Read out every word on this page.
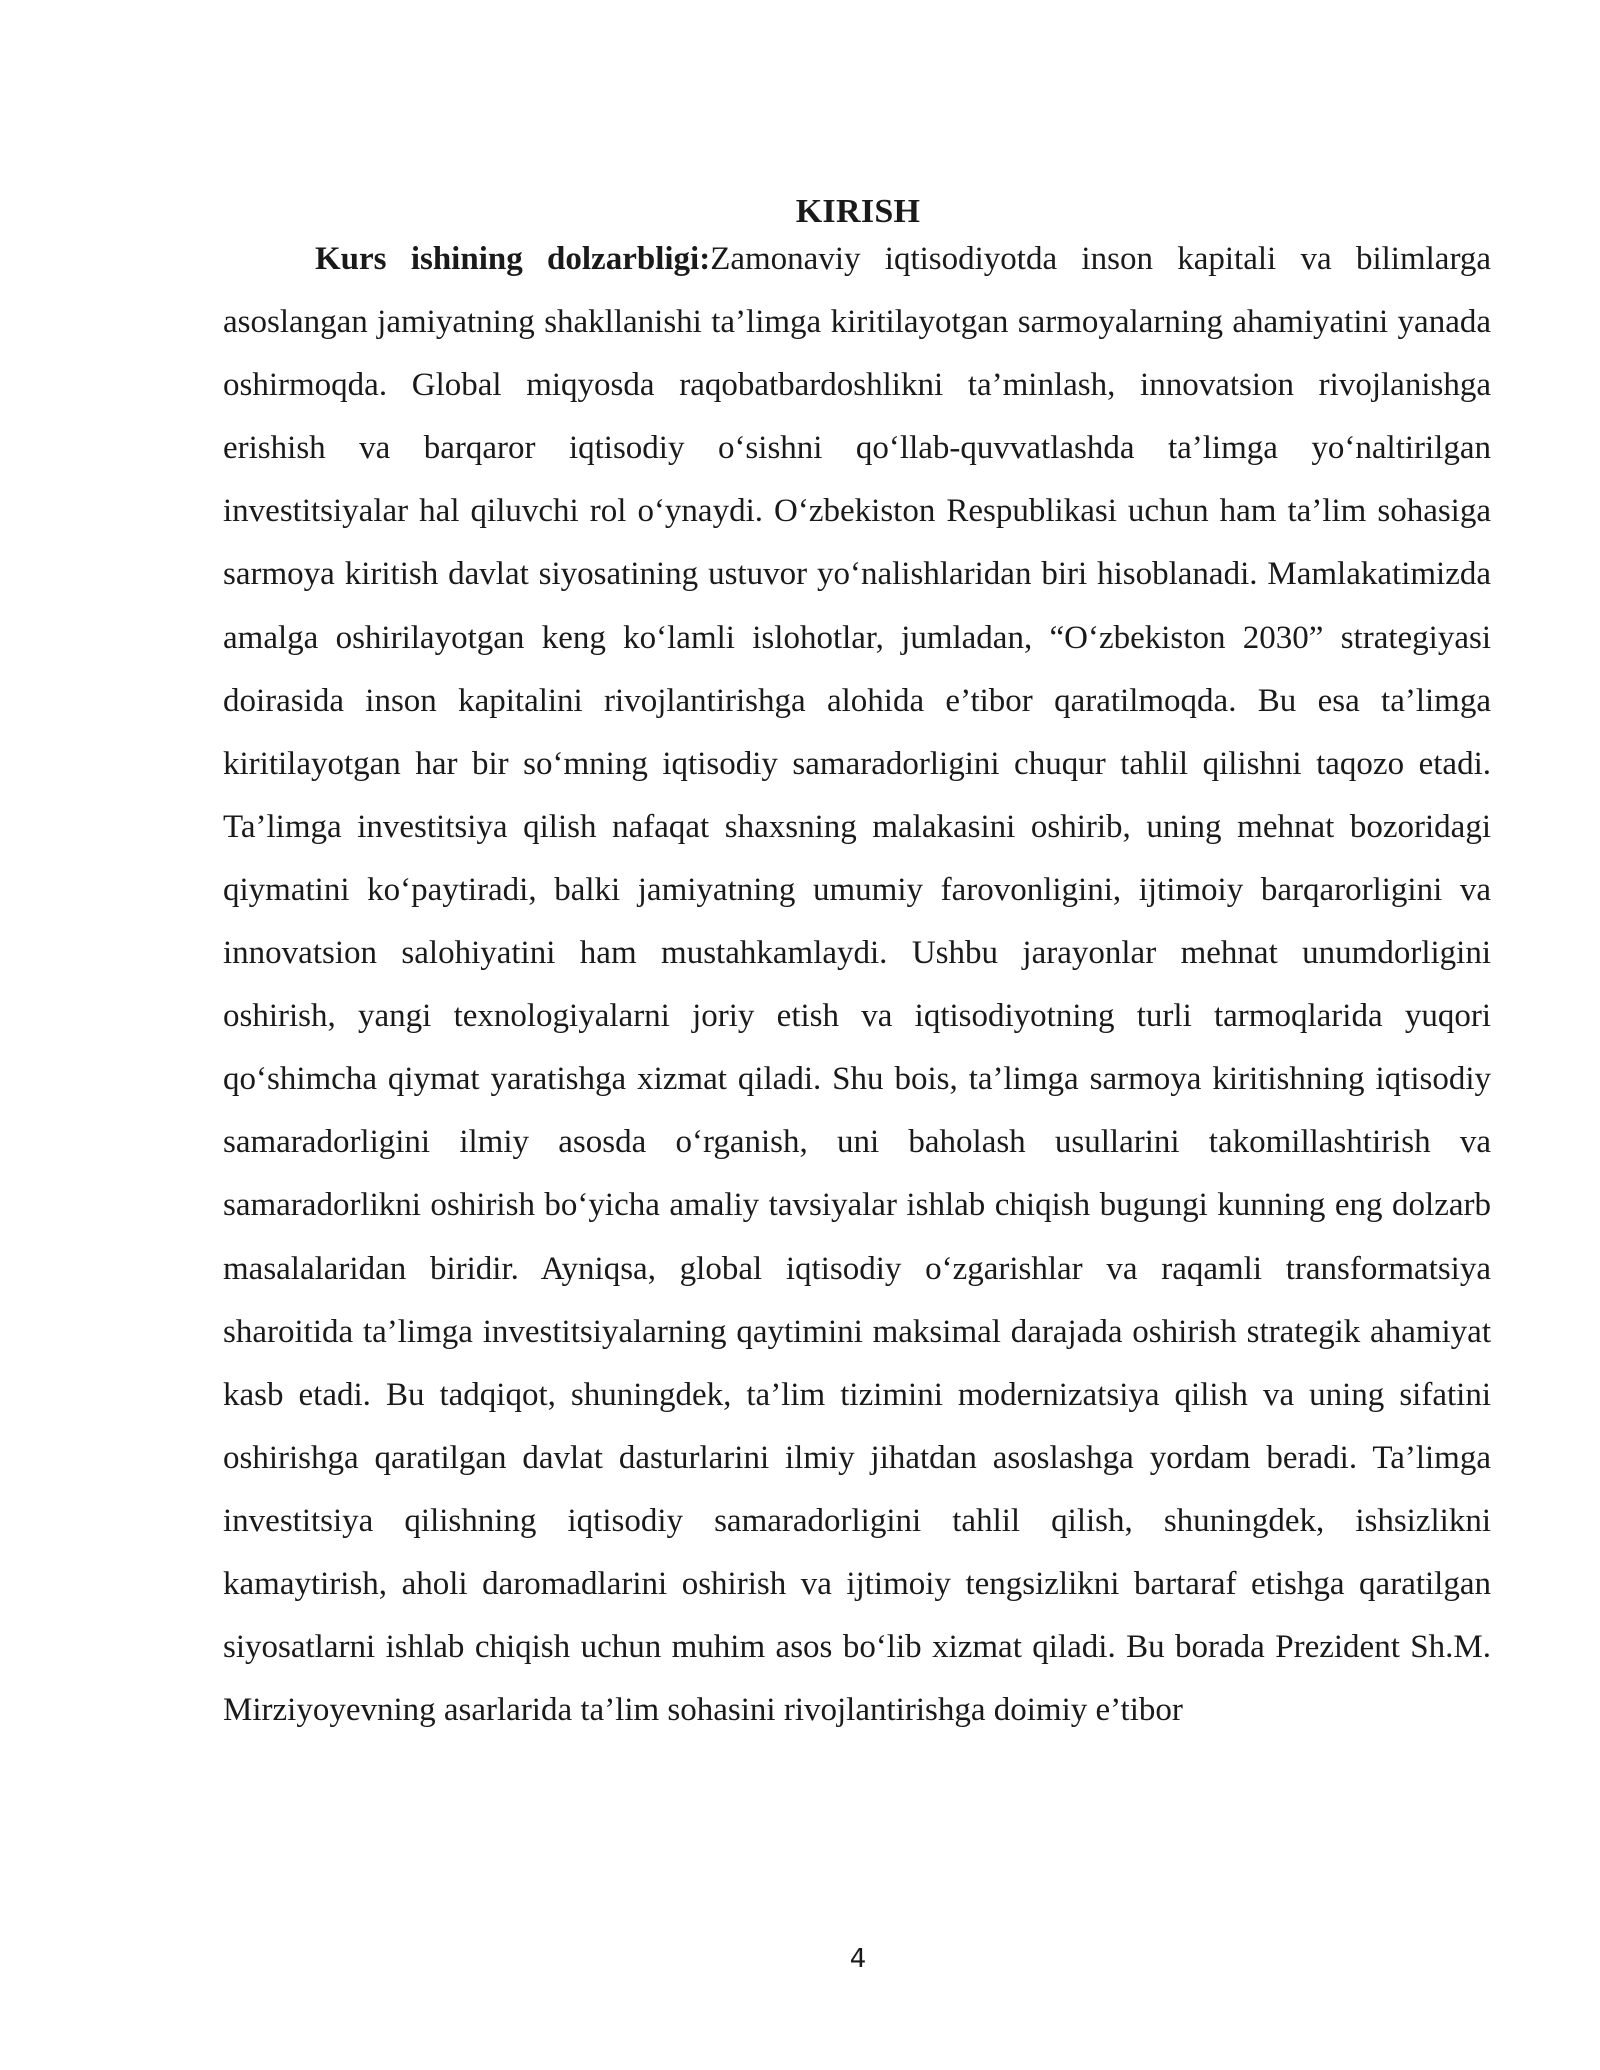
KIRISH

Kurs ishining dolzarbligi:Zamonaviy iqtisodiyotda inson kapitali va bilimlarga asoslangan jamiyatning shakllanishi ta’limga kiritilayotgan sarmoyalarning ahamiyatini yanada oshirmoqda. Global miqyosda raqobatbardoshlikni ta’minlash, innovatsion rivojlanishga erishish va barqaror iqtisodiy o‘sishni qo‘llab-quvvatlashda ta’limga yo‘naltirilgan investitsiyalar hal qiluvchi rol o‘ynaydi. O‘zbekiston Respublikasi uchun ham ta’lim sohasiga sarmoya kiritish davlat siyosatining ustuvor yo‘nalishlaridan biri hisoblanadi. Mamlakatimizda amalga oshirilayotgan keng ko‘lamli islohotlar, jumladan, “O‘zbekiston 2030” strategiyasi doirasida inson kapitalini rivojlantirishga alohida e’tibor qaratilmoqda. Bu esa ta’limga kiritilayotgan har bir so‘mning iqtisodiy samaradorligini chuqur tahlil qilishni taqozo etadi. Ta’limga investitsiya qilish nafaqat shaxsning malakasini oshirib, uning mehnat bozoridagi qiymatini ko‘paytiradi, balki jamiyatning umumiy farovonligini, ijtimoiy barqarorligini va innovatsion salohiyatini ham mustahkamlaydi. Ushbu jarayonlar mehnat unumdorligini oshirish, yangi texnologiyalarni joriy etish va iqtisodiyotning turli tarmoqlarida yuqori qo‘shimcha qiymat yaratishga xizmat qiladi. Shu bois, ta’limga sarmoya kiritishning iqtisodiy samaradorligini ilmiy asosda o‘rganish, uni baholash usullarini takomillashtirish va samaradorlikni oshirish bo‘yicha amaliy tavsiyalar ishlab chiqish bugungi kunning eng dolzarb masalalaridan biridir. Ayniqsa, global iqtisodiy o‘zgarishlar va raqamli transformatsiya sharoitida ta’limga investitsiyalarning qaytimini maksimal darajada oshirish strategik ahamiyat kasb etadi. Bu tadqiqot, shuningdek, ta’lim tizimini modernizatsiya qilish va uning sifatini oshirishga qaratilgan davlat dasturlarini ilmiy jihatdan asoslashga yordam beradi. Ta’limga investitsiya qilishning iqtisodiy samaradorligini tahlil qilish, shuningdek, ishsizlikni kamaytirish, aholi daromadlarini oshirish va ijtimoiy tengsizlikni bartaraf etishga qaratilgan siyosatlarni ishlab chiqish uchun muhim asos bo‘lib xizmat qiladi. Bu borada Prezident Sh.M. Mirziyoyevning asarlarida ta’lim sohasini rivojlantirishga doimiy e’tibor

4
